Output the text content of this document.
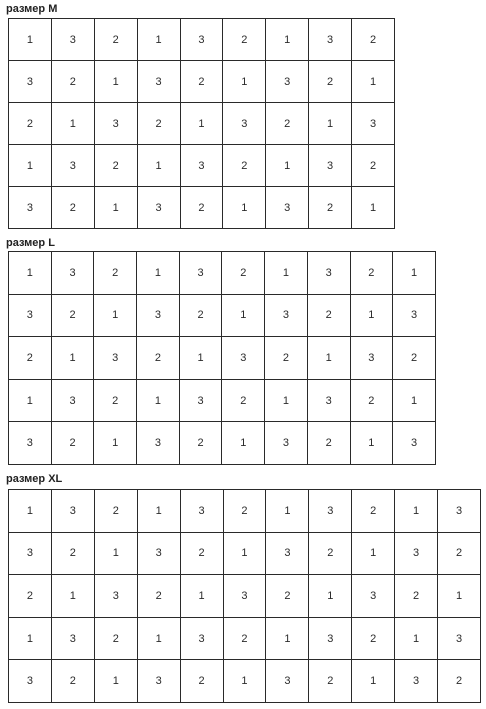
размер M
1	3	2	1	3	2	1	3	2
3	2	1	3	2	1	3	2	1
2	1	3	2	1	3	2	1	3
1	3	2	1	3	2	1	3	2
3	2	1	3	2	1	3	2	1
размер L
1	3	2	1	3	2	1	3	2	1
3	2	1	3	2	1	3	2	1	3
2	1	3	2	1	3	2	1	3	2
1	3	2	1	3	2	1	3	2	1
3	2	1	3	2	1	3	2	1	3
размер XL
1	3	2	1	3	2	1	3	2	1	3
3	2	1	3	2	1	3	2	1	3	2
2	1	3	2	1	3	2	1	3	2	1
1	3	2	1	3	2	1	3	2	1	3
3	2	1	3	2	1	3	2	1	3	2
